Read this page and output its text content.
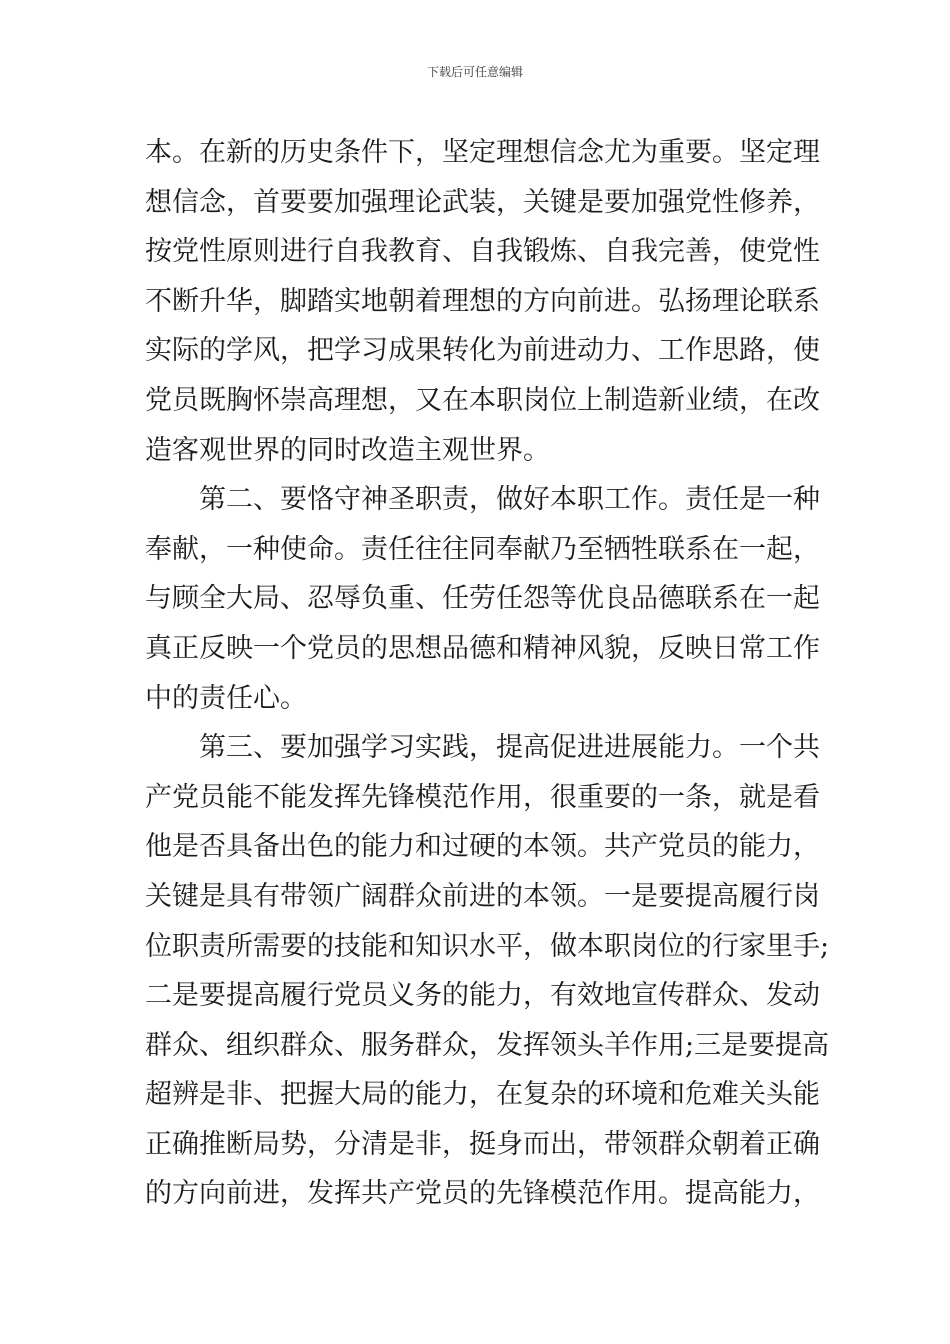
下载后可任意编辑
本。在新的历史条件下，坚定理想信念尤为重要。坚定理
想信念，首要要加强理论武装，关键是要加强党性修养，
按党性原则进行自我教育、自我锻炼、自我完善，使党性
不断升华，脚踏实地朝着理想的方向前进。弘扬理论联系
实际的学风，把学习成果转化为前进动力、工作思路，使
党员既胸怀崇高理想，又在本职岗位上制造新业绩，在改
造客观世界的同时改造主观世界。
第二、要恪守神圣职责，做好本职工作。责任是一种
奉献，一种使命。责任往往同奉献乃至牺牲联系在一起，
与顾全大局、忍辱负重、任劳任怨等优良品德联系在一起
真正反映一个党员的思想品德和精神风貌，反映日常工作
中的责任心。
第三、要加强学习实践，提高促进进展能力。一个共
产党员能不能发挥先锋模范作用，很重要的一条，就是看
他是否具备出色的能力和过硬的本领。共产党员的能力，
关键是具有带领广阔群众前进的本领。一是要提高履行岗
位职责所需要的技能和知识水平，做本职岗位的行家里手;
二是要提高履行党员义务的能力，有效地宣传群众、发动
群众、组织群众、服务群众，发挥领头羊作用;三是要提高
超辨是非、把握大局的能力，在复杂的环境和危难关头能
正确推断局势，分清是非，挺身而出，带领群众朝着正确
的方向前进，发挥共产党员的先锋模范作用。提高能力，
